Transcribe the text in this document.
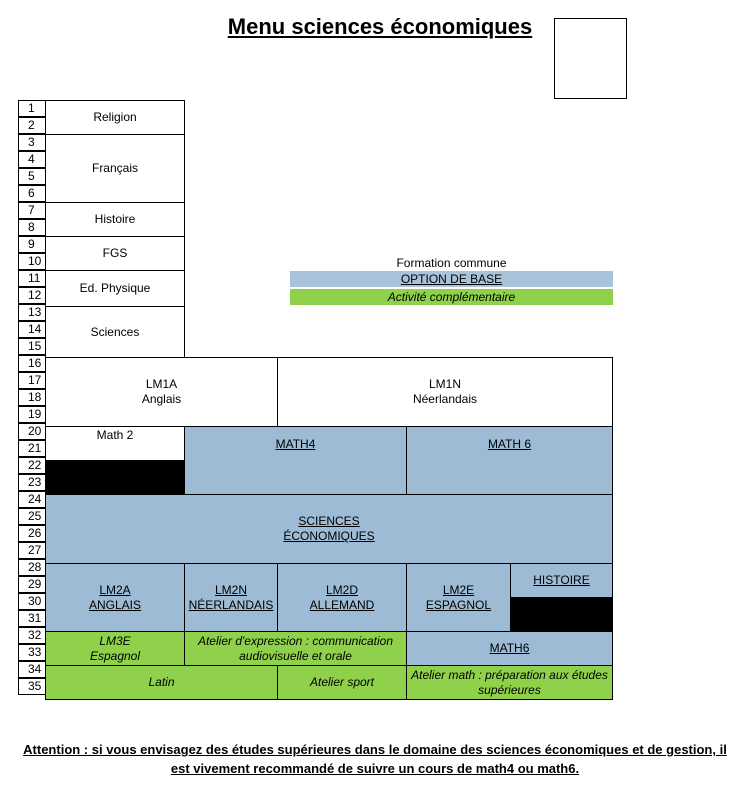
Menu sciences économiques
Formation commune
OPTION DE BASE
Activité complémentaire
1
2
3
4
5
6
7
8
9
10
11
12
13
14
15
16
17
18
19
20
21
22
23
24
25
26
27
28
29
30
31
32
33
34
35
Religion
Français
Histoire
FGS
Ed. Physique
Sciences
LM1A
Anglais
LM1N
Néerlandais
Math 2
MATH4	MATH 6
SCIENCES
ÉCONOMIQUES
LM2A
ANGLAIS
LM2N
NÉERLANDAIS
LM2D
ALLEMAND
LM2E
ESPAGNOL
HISTOIRE
LM3E
Espagnol
Atelier d'expression : communication audiovisuelle et orale
MATH6
Latin	Atelier sport
Atelier math : préparation aux études supérieures
Attention : si vous envisagez des études supérieures dans le domaine des sciences économiques et de gestion, il est vivement recommandé de suivre un cours de math4 ou math6.
